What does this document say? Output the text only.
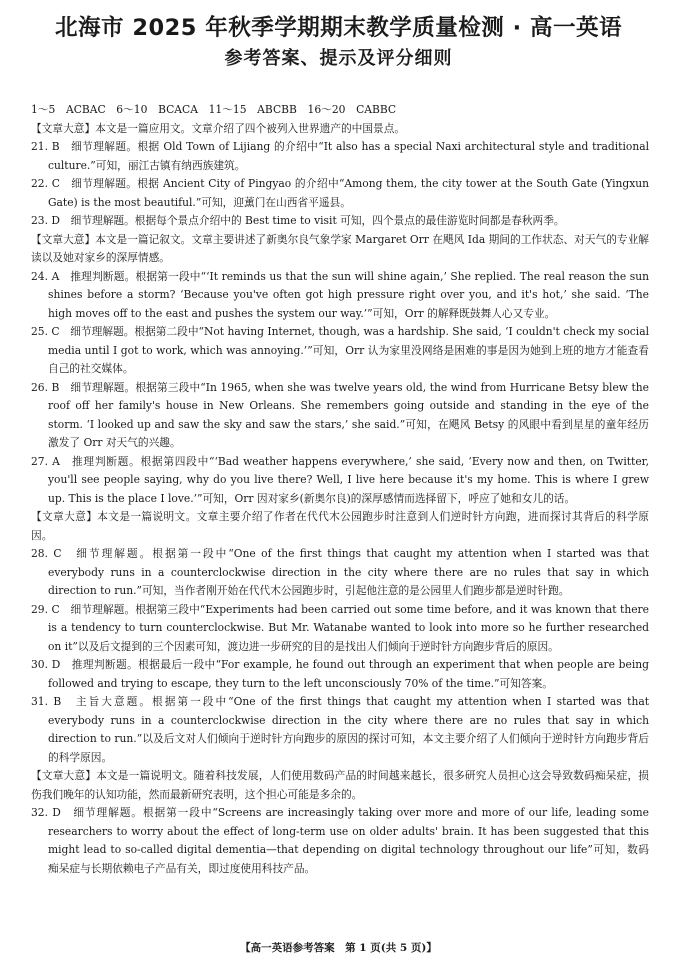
北海市 2025 年秋季学期期末教学质量检测 · 高一英语
参考答案、提示及评分细则

1～5　ACBAC　6～10　BCACA　11～15　ABCBB　16～20　CABBC

【文章大意】本文是一篇应用文。文章介绍了四个被列入世界遗产的中国景点。

21. B　细节理解题。根据 Old Town of Lijiang 的介绍中“It also has a special Naxi architectural style and traditional culture.”可知，丽江古镇有纳西族建筑。

22. C　细节理解题。根据 Ancient City of Pingyao 的介绍中“Among them, the city tower at the South Gate (Yingxun Gate) is the most beautiful.”可知，迎薰门在山西省平遥县。

23. D　细节理解题。根据每个景点介绍中的 Best time to visit 可知，四个景点的最佳游览时间都是春秋两季。

【文章大意】本文是一篇记叙文。文章主要讲述了新奥尔良气象学家 Margaret Orr 在飓风 Ida 期间的工作状态、对天气的专业解读以及她对家乡的深厚情感。

24. A　推理判断题。根据第一段中“‘It reminds us that the sun will shine again,’ She replied. The real reason the sun shines before a storm? ‘Because you've often got high pressure right over you, and it's hot,’ she said. ‘The high moves off to the east and pushes the system our way.’”可知，Orr 的解释既鼓舞人心又专业。

25. C　细节理解题。根据第二段中“Not having Internet, though, was a hardship. She said, ‘I couldn't check my social media until I got to work, which was annoying.’”可知，Orr 认为家里没网络是困难的事是因为她到上班的地方才能查看自己的社交媒体。

26. B　细节理解题。根据第三段中“In 1965, when she was twelve years old, the wind from Hurricane Betsy blew the roof off her family's house in New Orleans. She remembers going outside and standing in the eye of the storm. ‘I looked up and saw the sky and saw the stars,’ she said.”可知，在飓风 Betsy 的风眼中看到星星的童年经历激发了 Orr 对天气的兴趣。

27. A　推理判断题。根据第四段中“‘Bad weather happens everywhere,’ she said, ‘Every now and then, on Twitter, you'll see people saying, why do you live there? Well, I live here because it's my home. This is where I grew up. This is the place I love.’”可知，Orr 因对家乡(新奥尔良)的深厚感情而选择留下，呼应了她和女儿的话。

【文章大意】本文是一篇说明文。文章主要介绍了作者在代代木公园跑步时注意到人们逆时针方向跑，进而探讨其背后的科学原因。

28. C　细节理解题。根据第一段中“One of the first things that caught my attention when I started was that everybody runs in a counterclockwise direction in the city where there are no rules that say in which direction to run.”可知，当作者刚开始在代代木公园跑步时，引起他注意的是公园里人们跑步都是逆时针跑。

29. C　细节理解题。根据第三段中“Experiments had been carried out some time before, and it was known that there is a tendency to turn counterclockwise. But Mr. Watanabe wanted to look into more so he further researched on it”以及后文提到的三个因素可知，渡边进一步研究的目的是找出人们倾向于逆时针方向跑步背后的原因。

30. D　推理判断题。根据最后一段中“For example, he found out through an experiment that when people are being followed and trying to escape, they turn to the left unconsciously 70% of the time.”可知答案。

31. B　主旨大意题。根据第一段中“One of the first things that caught my attention when I started was that everybody runs in a counterclockwise direction in the city where there are no rules that say in which direction to run.”以及后文对人们倾向于逆时针方向跑步的原因的探讨可知，本文主要介绍了人们倾向于逆时针方向跑步背后的科学原因。

【文章大意】本文是一篇说明文。随着科技发展，人们使用数码产品的时间越来越长，很多研究人员担心这会导致数码痴呆症，损伤我们晚年的认知功能，然而最新研究表明，这个担心可能是多余的。

32. D　细节理解题。根据第一段中“Screens are increasingly taking over more and more of our life, leading some researchers to worry about the effect of long-term use on older adults' brain. It has been suggested that this might lead to so-called digital dementia—that depending on digital technology throughout our life”可知，数码痴呆症与长期依赖电子产品有关，即过度使用科技产品。

【高一英语参考答案　第 1 页(共 5 页)】
